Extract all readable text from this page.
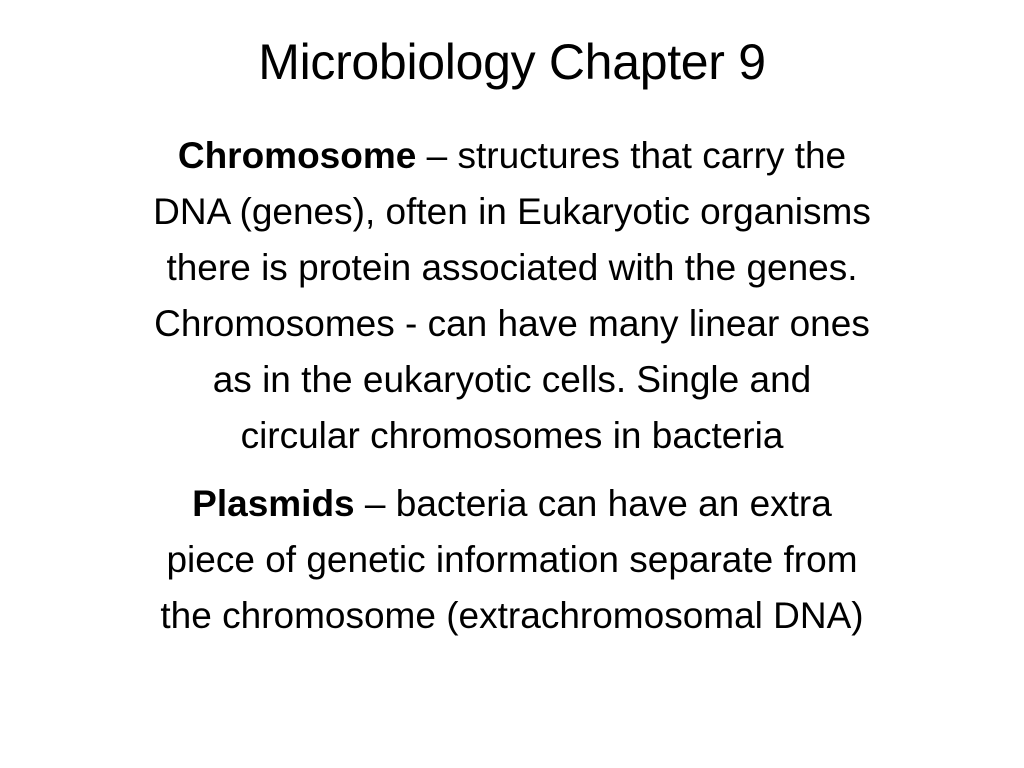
Microbiology Chapter 9
Chromosome – structures that carry the
DNA (genes), often in Eukaryotic organisms
there is protein associated with the genes.
Chromosomes - can have many linear ones
as in the eukaryotic cells. Single and
circular chromosomes in bacteria
Plasmids – bacteria can have an extra
piece of genetic information separate from
the chromosome (extrachromosomal DNA)
